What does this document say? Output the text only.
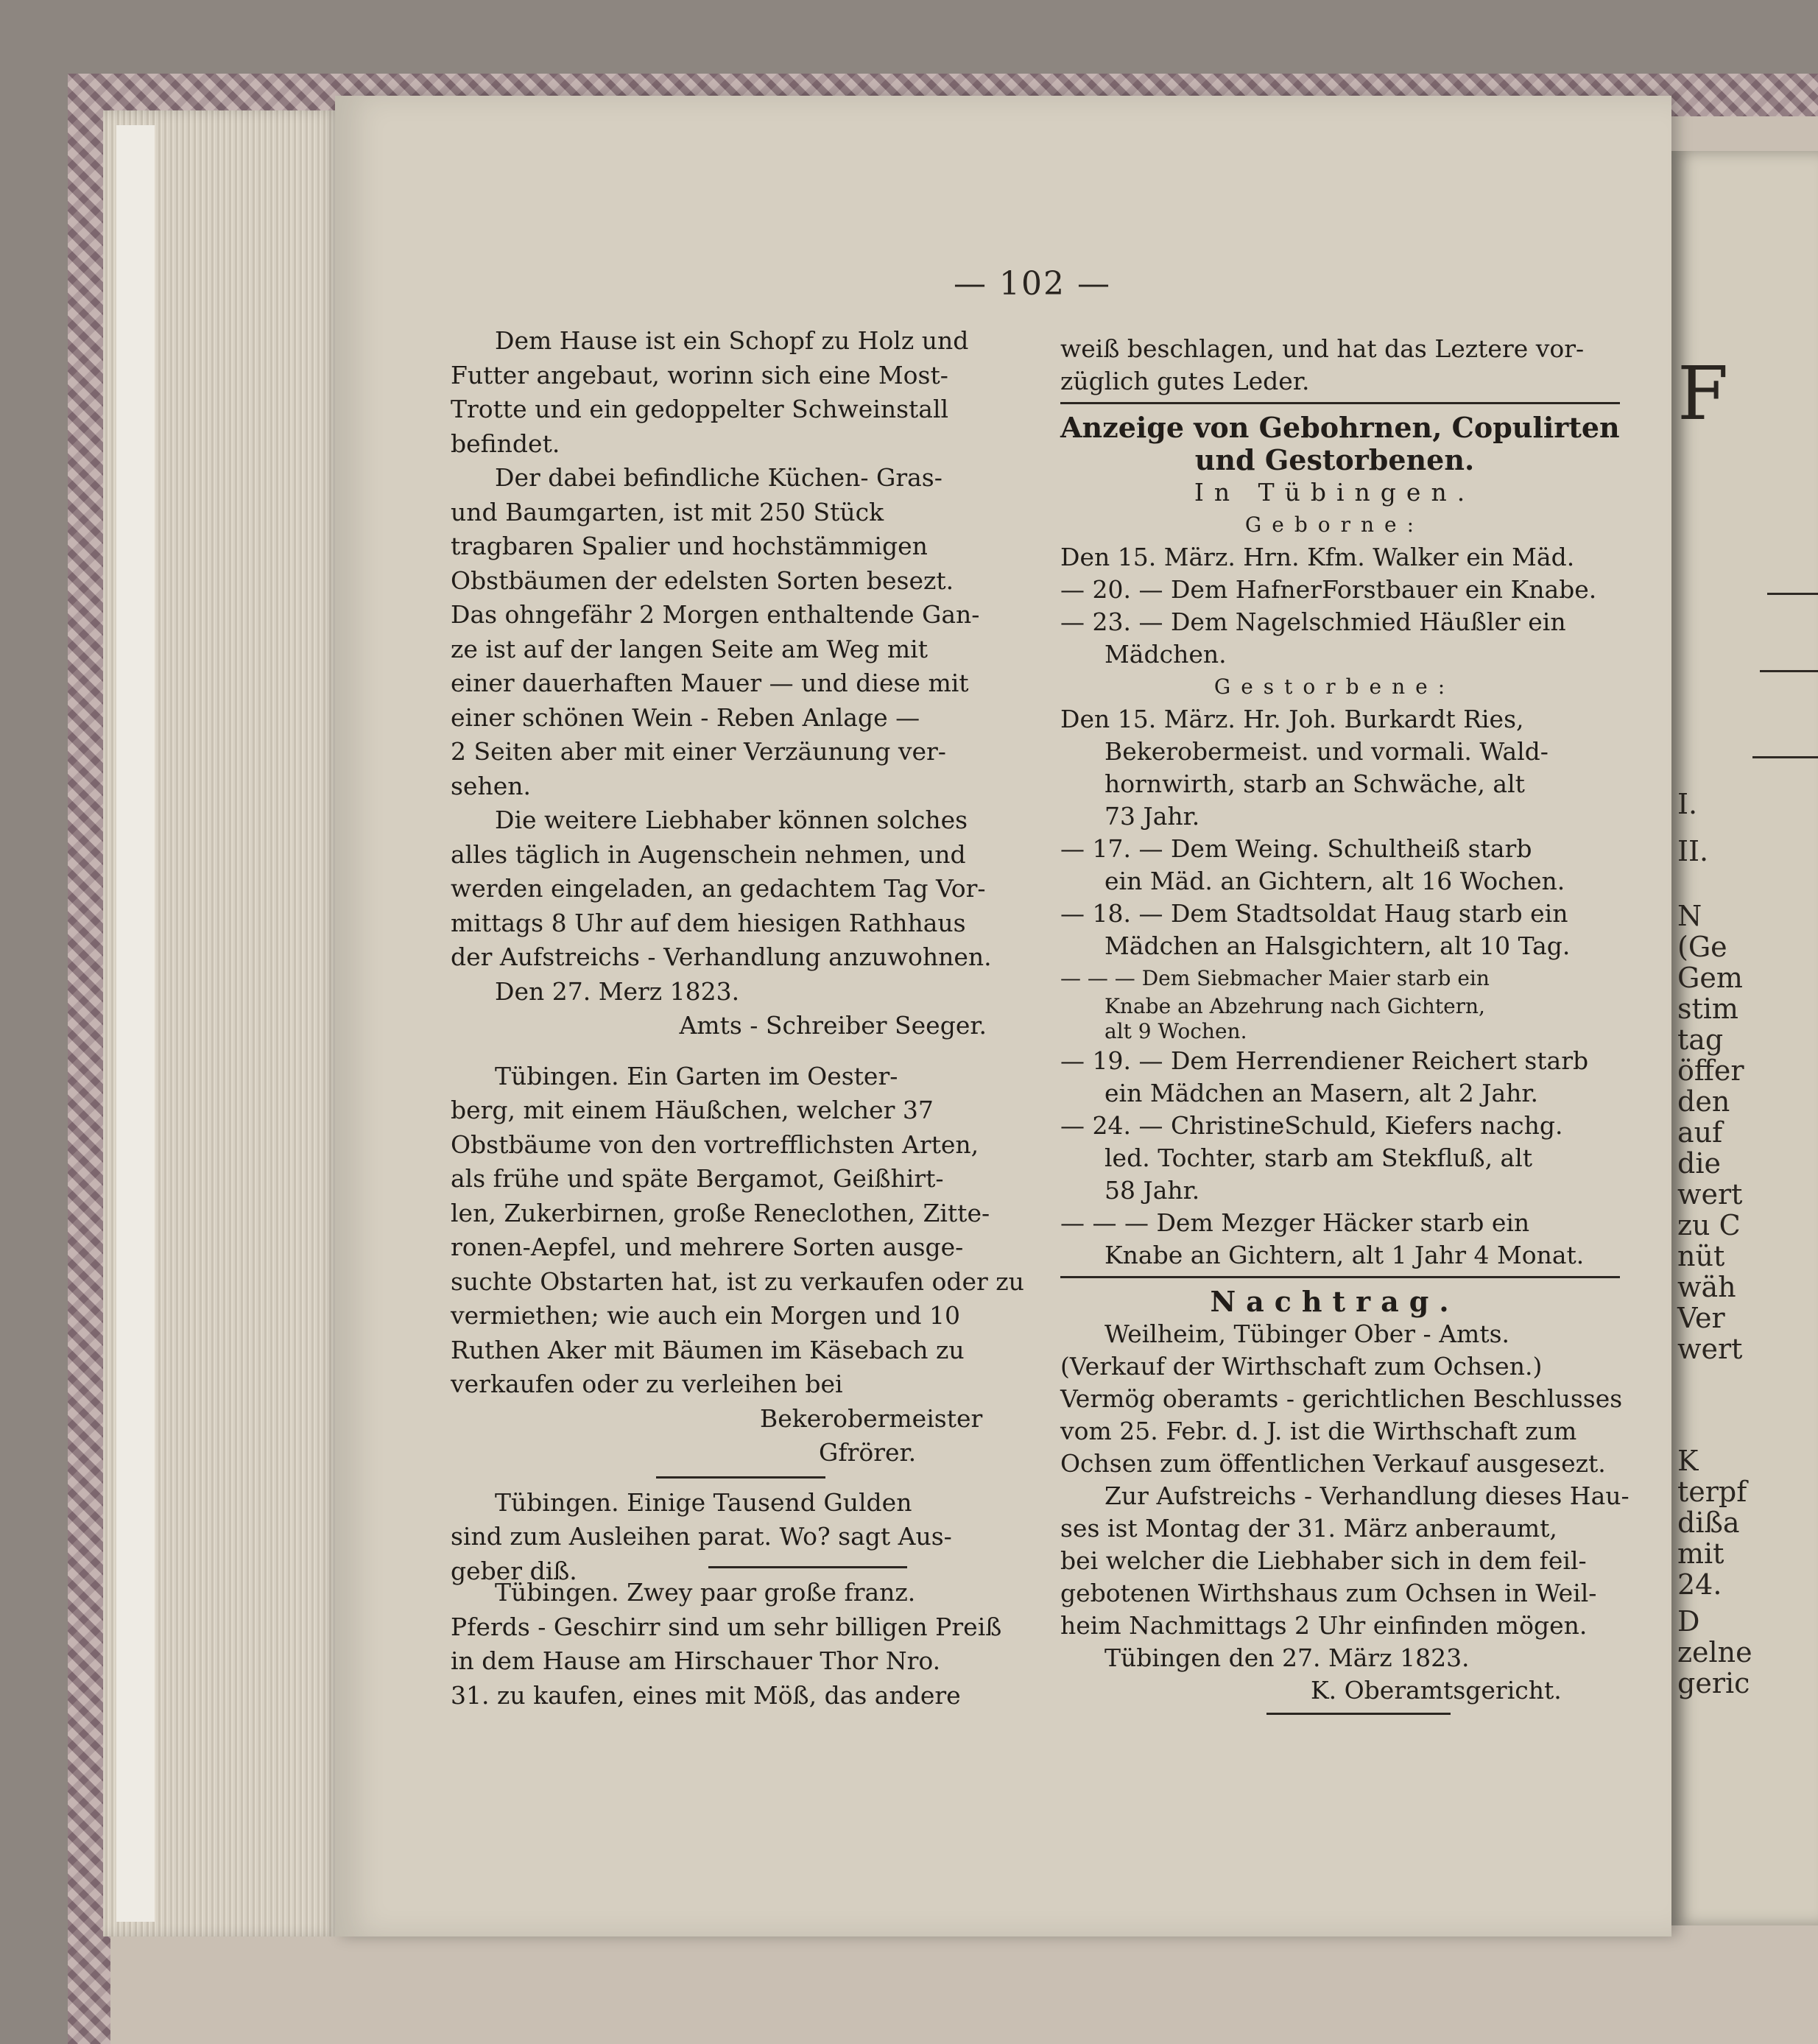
F
I.
II.
N
(Ge
Gem
stim
tag
öffer
den
auf
die
wert
zu C
nüt
wäh
Ver
wert
K
terpf
dißa
mit
24.
D
zelne
geric
— 102 —

Dem Hause ist ein Schopf zu Holz und

Futter angebaut, worinn sich eine Most-

Trotte und ein gedoppelter Schweinstall

befindet.

Der dabei befindliche Küchen- Gras-

und Baumgarten, ist mit 250 Stück

tragbaren Spalier und hochstämmigen

Obstbäumen der edelsten Sorten besezt.

Das ohngefähr 2 Morgen enthaltende Gan-

ze ist auf der langen Seite am Weg mit

einer dauerhaften Mauer — und diese mit

einer schönen Wein - Reben Anlage —

2 Seiten aber mit einer Verzäunung ver-

sehen.

Die weitere Liebhaber können solches

alles täglich in Augenschein nehmen, und

werden eingeladen, an gedachtem Tag Vor-

mittags 8 Uhr auf dem hiesigen Rathhaus

der Aufstreichs - Verhandlung anzuwohnen.

Den 27. Merz 1823.

Amts - Schreiber Seeger.

Tübingen. Ein Garten im Oester-

berg, mit einem Häußchen, welcher 37

Obstbäume von den vortrefflichsten Arten,

als frühe und späte Bergamot, Geißhirt-

len, Zukerbirnen, große Reneclothen, Zitte-

ronen-Aepfel, und mehrere Sorten ausge-

suchte Obstarten hat, ist zu verkaufen oder zu

vermiethen; wie auch ein Morgen und 10

Ruthen Aker mit Bäumen im Käsebach zu

verkaufen oder zu verleihen bei

Bekerobermeister

Gfrörer.

Tübingen. Einige Tausend Gulden

sind zum Ausleihen parat. Wo? sagt Aus-

geber diß.

Tübingen. Zwey paar große franz.

Pferds - Geschirr sind um sehr billigen Preiß

in dem Hause am Hirschauer Thor Nro.

31. zu kaufen, eines mit Möß, das andere

weiß beschlagen, und hat das Leztere vor-

züglich gutes Leder.

Anzeige von Gebohrnen, Copulirten

und Gestorbenen.

In Tübingen.

Geborne:

Den 15. März. Hrn. Kfm. Walker ein Mäd.

— 20. — Dem HafnerForstbauer ein Knabe.

— 23. — Dem Nagelschmied Häußler ein

Mädchen.

Gestorbene:

Den 15. März. Hr. Joh. Burkardt Ries,

Bekerobermeist. und vormali. Wald-

hornwirth, starb an Schwäche, alt

73 Jahr.

— 17. — Dem Weing. Schultheiß starb

ein Mäd. an Gichtern, alt 16 Wochen.

— 18. — Dem Stadtsoldat Haug starb ein

Mädchen an Halsgichtern, alt 10 Tag.

— — — Dem Siebmacher Maier starb ein

Knabe an Abzehrung nach Gichtern,

alt 9 Wochen.

— 19. — Dem Herrendiener Reichert starb

ein Mädchen an Masern, alt 2 Jahr.

— 24. — ChristineSchuld, Kiefers nachg.

led. Tochter, starb am Stekfluß, alt

58 Jahr.

— — — Dem Mezger Häcker starb ein

Knabe an Gichtern, alt 1 Jahr 4 Monat.

Nachtrag.

Weilheim, Tübinger Ober - Amts.

(Verkauf der Wirthschaft zum Ochsen.)

Vermög oberamts - gerichtlichen Beschlusses

vom 25. Febr. d. J. ist die Wirthschaft zum

Ochsen zum öffentlichen Verkauf ausgesezt.

Zur Aufstreichs - Verhandlung dieses Hau-

ses ist Montag der 31. März anberaumt,

bei welcher die Liebhaber sich in dem feil-

gebotenen Wirthshaus zum Ochsen in Weil-

heim Nachmittags 2 Uhr einfinden mögen.

Tübingen den 27. März 1823.

K. Oberamtsgericht.
